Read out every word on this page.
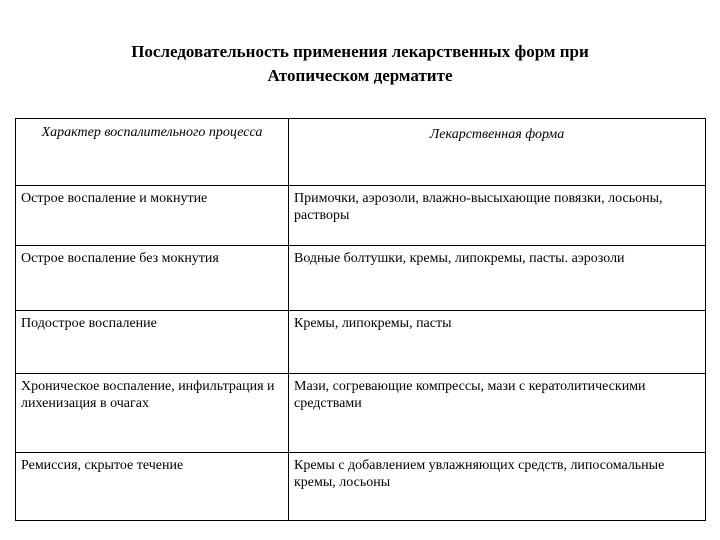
Последовательность применения лекарственных форм при
Атопическом дерматите
Характер воспалительного процесса	Лекарственная форма
Острое воспаление и мокнутие	Примочки, аэрозоли, влажно-высыхающие повязки, лосьоны, растворы
Острое воспаление без мокнутия	Водные болтушки, кремы, липокремы, пасты. аэрозоли
Подострое воспаление	Кремы, липокремы, пасты
Хроническое воспаление, инфильтрация и лихенизация в очагах	Мази, согревающие компрессы, мази с кератолитическими средствами
Ремиссия, скрытое течение	Кремы с добавлением увлажняющих средств, липосомальные кремы, лосьоны
